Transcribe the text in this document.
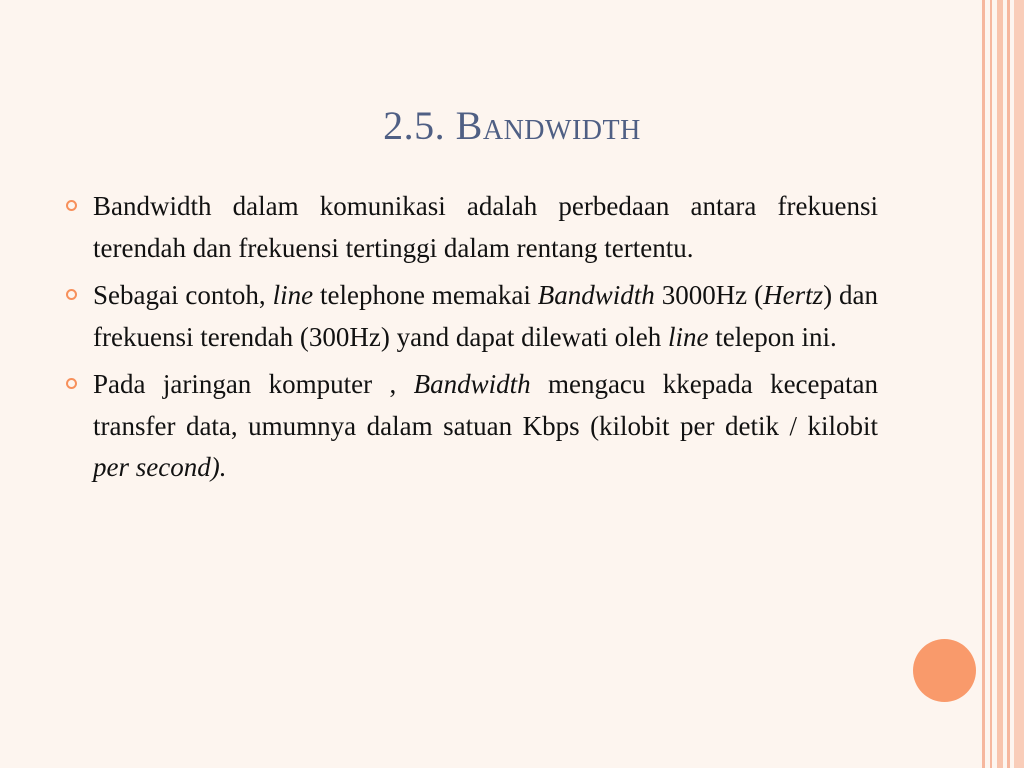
2.5. Bandwidth
Bandwidth dalam komunikasi adalah perbedaan antara frekuensi terendah dan frekuensi tertinggi dalam rentang tertentu.
Sebagai contoh, line telephone memakai Bandwidth 3000Hz (Hertz) dan frekuensi terendah (300Hz) yand dapat dilewati oleh line telepon ini.
Pada jaringan komputer , Bandwidth mengacu kkepada kecepatan transfer data, umumnya dalam satuan Kbps (kilobit per detik / kilobit per second).
